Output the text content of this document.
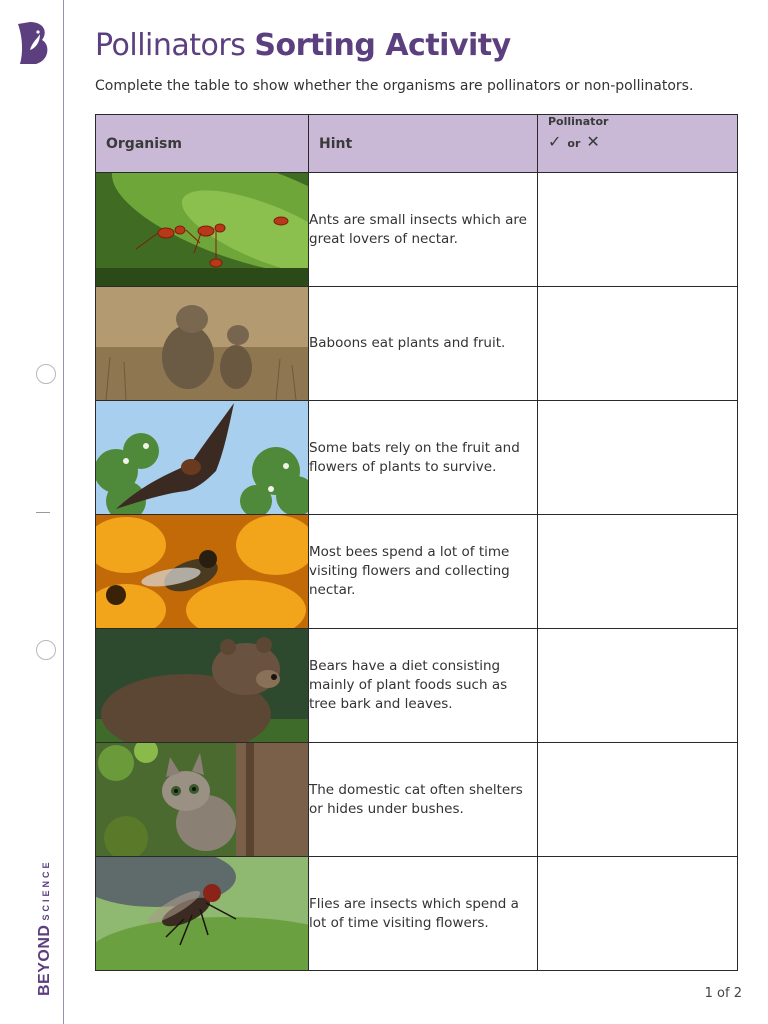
BEYONDSCIENCE
Pollinators Sorting Activity
Complete the table to show whether the organisms are pollinators or non-pollinators.
Organism	Hint	Pollinator
✓ or ✕

	Ants are small insects which are great lovers of nectar.	

	Baboons eat plants and fruit.	

	Some bats rely on the fruit and flowers of plants to survive.	

	Most bees spend a lot of time visiting flowers and collecting nectar.	

	Bears have a diet consisting mainly of plant foods such as tree bark and leaves.	

	The domestic cat often shelters or hides under bushes.	

	Flies are insects which spend a lot of time visiting flowers.	
1 of 2
